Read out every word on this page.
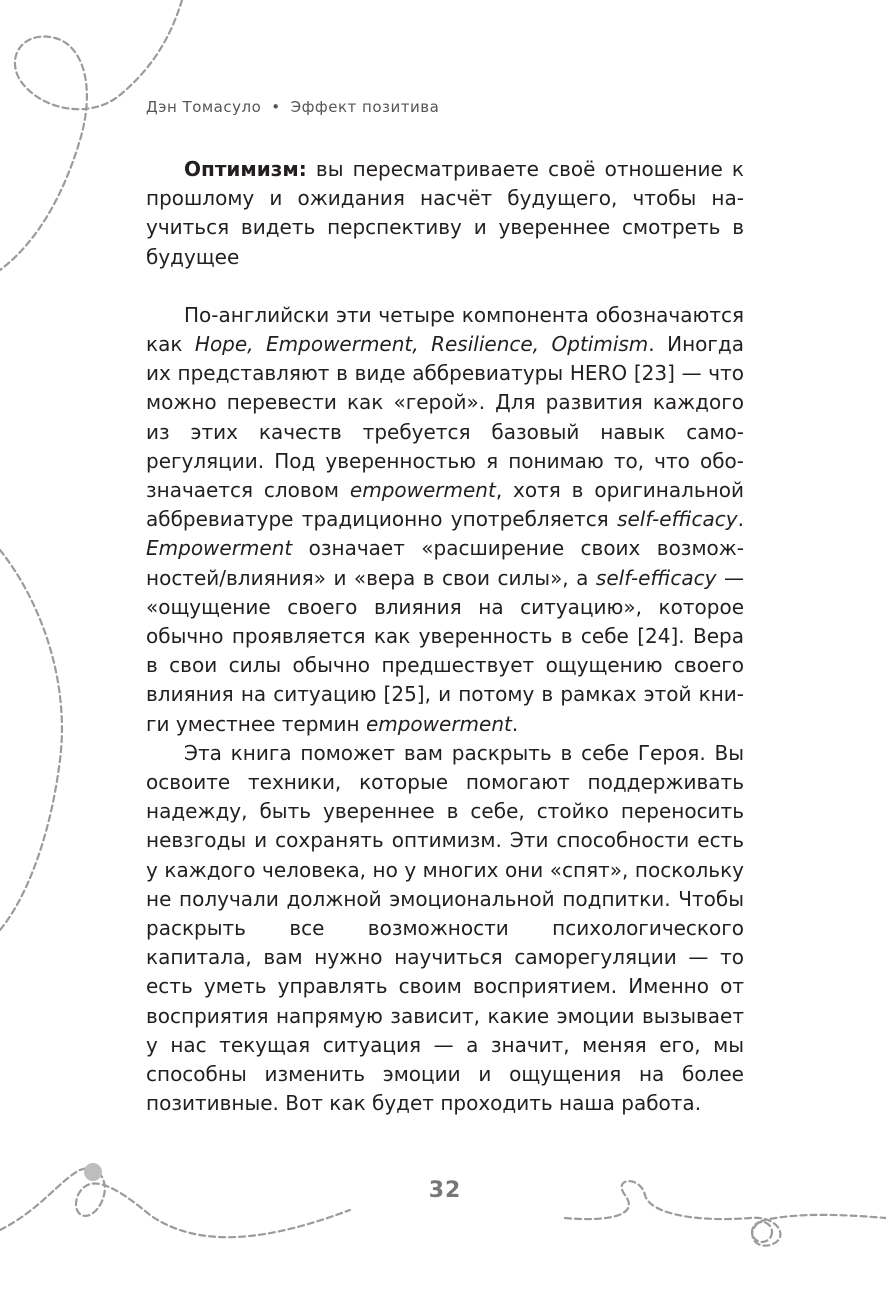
Дэн Томасуло • Эффект позитива

Оптимизм: вы пересматриваете своё отношение к прошлому и ожидания насчёт будущего, чтобы научиться видеть перспективу и увереннее смотреть в будущее

По-английски эти четыре компонента обозначаются как Hope, Empowerment, Resilience, Optimism. Иногда их представляют в виде аббревиатуры HERO [23] — что можно перевести как «герой». Для развития каждого из этих качеств требуется базовый навык саморегуляции. Под уверенностью я понимаю то, что обозначается словом empowerment, хотя в оригинальной аббревиатуре традиционно употребляется self-efficacy. Empowerment означает «расширение своих возможностей/влияния» и «вера в свои силы», а self-efficacy — «ощущение своего влияния на ситуацию», которое обычно проявляется как уверенность в себе [24]. Вера в свои силы обычно предшествует ощущению своего влияния на ситуацию [25], и потому в рамках этой книги уместнее термин empowerment.

Эта книга поможет вам раскрыть в себе Героя. Вы освоите техники, которые помогают поддерживать надежду, быть увереннее в себе, стойко переносить невзгоды и сохранять оптимизм. Эти способности есть у каждого человека, но у многих они «спят», поскольку не получали должной эмоциональной подпитки. Чтобы раскрыть все возможности психологического капитала, вам нужно научиться саморегуляции — то есть уметь управлять своим восприятием. Именно от восприятия напрямую зависит, какие эмоции вызывает у нас текущая ситуация — а значит, меняя его, мы способны изменить эмоции и ощущения на более позитивные. Вот как будет проходить наша работа.

32
